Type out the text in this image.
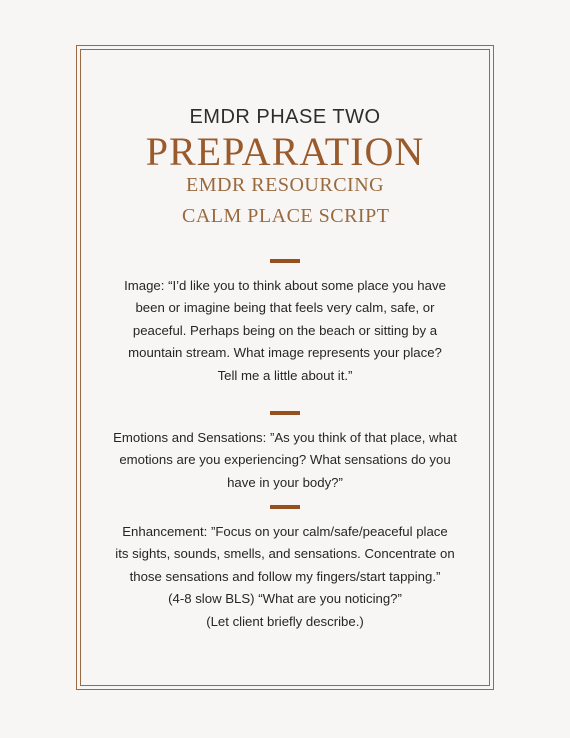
EMDR PHASE TWO
PREPARATION
EMDR RESOURCING
CALM PLACE SCRIPT

Image: “I’d like you to think about some place you have
been or imagine being that feels very calm, safe, or
peaceful. Perhaps being on the beach or sitting by a
mountain stream. What image represents your place?
Tell me a little about it.”

Emotions and Sensations: ”As you think of that place, what
emotions are you experiencing? What sensations do you
have in your body?”

Enhancement: ”Focus on your calm/safe/peaceful place
its sights, sounds, smells, and sensations. Concentrate on
those sensations and follow my fingers/start tapping.”
(4-8 slow BLS) “What are you noticing?”
(Let client briefly describe.)
